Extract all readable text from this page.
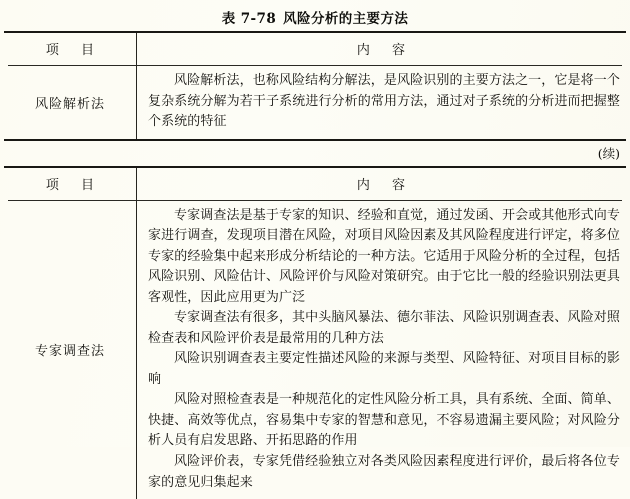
表 7-78 风险分析的主要方法
项 目	内 容
风险解析法

风险解析法，也称风险结构分解法，是风险识别的主要方法之一，它是将一个复杂系统分解为若干子系统进行分析的常用方法，通过对子系统的分析进而把握整个系统的特征

(续)
项 目	内 容
专家调查法

专家调查法是基于专家的知识、经验和直觉，通过发函、开会或其他形式向专家进行调查，发现项目潜在风险，对项目风险因素及其风险程度进行评定，将多位专家的经验集中起来形成分析结论的一种方法。它适用于风险分析的全过程，包括风险识别、风险估计、风险评价与风险对策研究。由于它比一般的经验识别法更具客观性，因此应用更为广泛

专家调查法有很多，其中头脑风暴法、德尔菲法、风险识别调查表、风险对照检查表和风险评价表是最常用的几种方法

风险识别调查表主要定性描述风险的来源与类型、风险特征、对项目目标的影响

风险对照检查表是一种规范化的定性风险分析工具，具有系统、全面、简单、快捷、高效等优点，容易集中专家的智慧和意见，不容易遗漏主要风险；对风险分析人员有启发思路、开拓思路的作用

风险评价表，专家凭借经验独立对各类风险因素程度进行评价，最后将各位专家的意见归集起来
